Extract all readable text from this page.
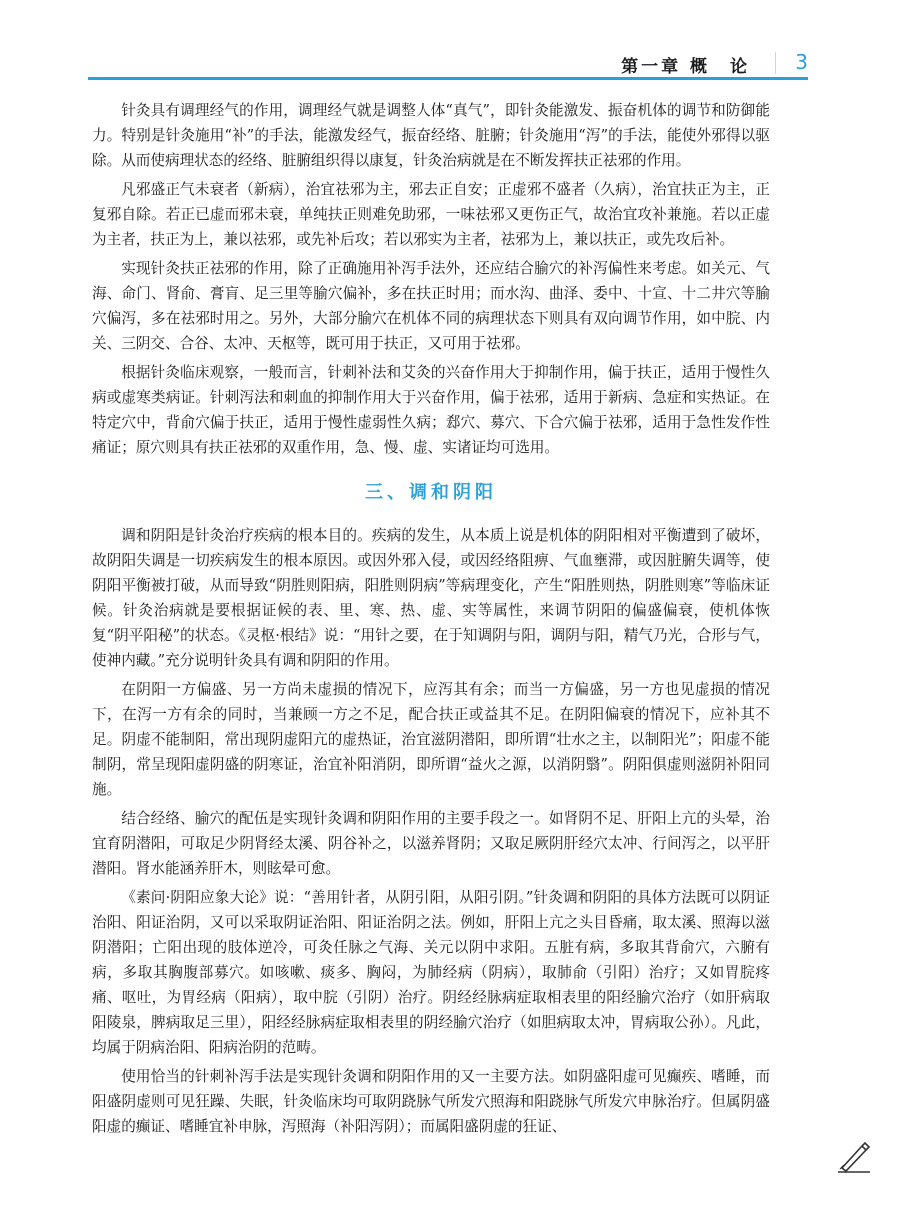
第一章 概　论 3

针灸具有调理经气的作用，调理经气就是调整人体“真气”，即针灸能激发、振奋机体的调节和防御能力。特别是针灸施用“补”的手法，能激发经气，振奋经络、脏腑；针灸施用“泻”的手法，能使外邪得以驱除。从而使病理状态的经络、脏腑组织得以康复，针灸治病就是在不断发挥扶正祛邪的作用。

凡邪盛正气未衰者（新病），治宜祛邪为主，邪去正自安；正虚邪不盛者（久病），治宜扶正为主，正复邪自除。若正已虚而邪未衰，单纯扶正则难免助邪，一味祛邪又更伤正气，故治宜攻补兼施。若以正虚为主者，扶正为上，兼以祛邪，或先补后攻；若以邪实为主者，祛邪为上，兼以扶正，或先攻后补。

实现针灸扶正祛邪的作用，除了正确施用补泻手法外，还应结合腧穴的补泻偏性来考虑。如关元、气海、命门、肾俞、膏肓、足三里等腧穴偏补，多在扶正时用；而水沟、曲泽、委中、十宣、十二井穴等腧穴偏泻，多在祛邪时用之。另外，大部分腧穴在机体不同的病理状态下则具有双向调节作用，如中脘、内关、三阴交、合谷、太冲、天枢等，既可用于扶正，又可用于祛邪。

根据针灸临床观察，一般而言，针刺补法和艾灸的兴奋作用大于抑制作用，偏于扶正，适用于慢性久病或虚寒类病证。针刺泻法和刺血的抑制作用大于兴奋作用，偏于祛邪，适用于新病、急症和实热证。在特定穴中，背俞穴偏于扶正，适用于慢性虚弱性久病；郄穴、募穴、下合穴偏于祛邪，适用于急性发作性痛证；原穴则具有扶正祛邪的双重作用，急、慢、虚、实诸证均可选用。

三、调和阴阳

调和阴阳是针灸治疗疾病的根本目的。疾病的发生，从本质上说是机体的阴阳相对平衡遭到了破坏，故阴阳失调是一切疾病发生的根本原因。或因外邪入侵，或因经络阻痹、气血壅滞，或因脏腑失调等，使阴阳平衡被打破，从而导致“阴胜则阳病，阳胜则阴病”等病理变化，产生“阳胜则热，阴胜则寒”等临床证候。针灸治病就是要根据证候的表、里、寒、热、虚、实等属性，来调节阴阳的偏盛偏衰，使机体恢复“阴平阳秘”的状态。《灵枢·根结》说：“用针之要，在于知调阴与阳，调阴与阳，精气乃光，合形与气，使神内藏。”充分说明针灸具有调和阴阳的作用。

在阴阳一方偏盛、另一方尚未虚损的情况下，应泻其有余；而当一方偏盛，另一方也见虚损的情况下，在泻一方有余的同时，当兼顾一方之不足，配合扶正或益其不足。在阴阳偏衰的情况下，应补其不足。阴虚不能制阳，常出现阴虚阳亢的虚热证，治宜滋阴潜阳，即所谓“壮水之主，以制阳光”；阳虚不能制阴，常呈现阳虚阴盛的阴寒证，治宜补阳消阴，即所谓“益火之源，以消阴翳”。阴阳俱虚则滋阴补阳同施。

结合经络、腧穴的配伍是实现针灸调和阴阳作用的主要手段之一。如肾阴不足、肝阳上亢的头晕，治宜育阴潜阳，可取足少阴肾经太溪、阴谷补之，以滋养肾阴；又取足厥阴肝经穴太冲、行间泻之，以平肝潜阳。肾水能涵养肝木，则眩晕可愈。

《素问·阴阳应象大论》说：“善用针者，从阴引阳，从阳引阴。”针灸调和阴阳的具体方法既可以阴证治阳、阳证治阴，又可以采取阴证治阳、阳证治阴之法。例如，肝阳上亢之头目昏痛，取太溪、照海以滋阴潜阳；亡阳出现的肢体逆冷，可灸任脉之气海、关元以阴中求阳。五脏有病，多取其背俞穴，六腑有病，多取其胸腹部募穴。如咳嗽、痰多、胸闷，为肺经病（阴病），取肺俞（引阳）治疗；又如胃脘疼痛、呕吐，为胃经病（阳病），取中脘（引阴）治疗。阴经经脉病症取相表里的阳经腧穴治疗（如肝病取阳陵泉，脾病取足三里），阳经经脉病症取相表里的阴经腧穴治疗（如胆病取太冲，胃病取公孙）。凡此，均属于阴病治阳、阳病治阴的范畴。

使用恰当的针刺补泻手法是实现针灸调和阴阳作用的又一主要方法。如阴盛阳虚可见癫疾、嗜睡，而阳盛阴虚则可见狂躁、失眠，针灸临床均可取阴跷脉气所发穴照海和阳跷脉气所发穴申脉治疗。但属阴盛阳虚的癫证、嗜睡宜补申脉，泻照海（补阳泻阴）；而属阳盛阴虚的狂证、
